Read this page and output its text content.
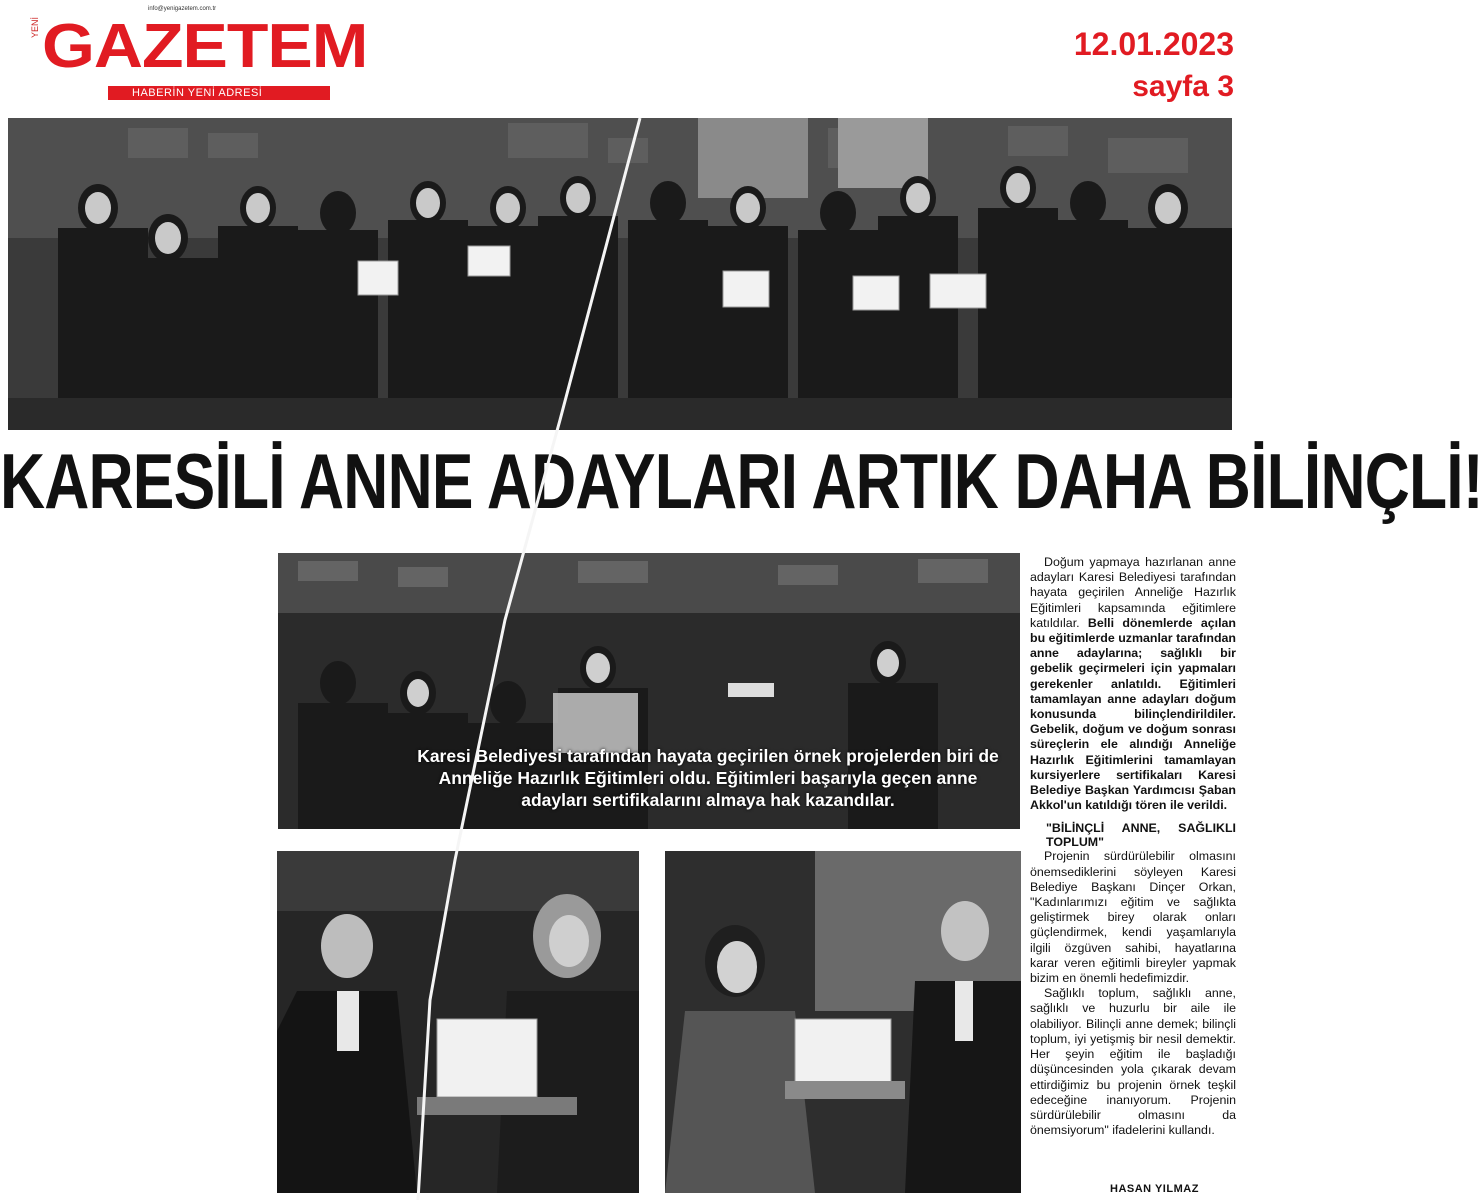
info@yenigazetem.com.tr
YENİ GAZETEM
HABERİN YENİ ADRESİ
12.01.2023
sayfa 3
KARESİLİ ANNE ADAYLARI ARTIK DAHA BİLİNÇLİ!
Karesi Belediyesi tarafından hayata geçirilen örnek projelerden biri de Anneliğe Hazırlık Eğitimleri oldu. Eğitimleri başarıyla geçen anne adayları sertifikalarını almaya hak kazandılar.

Doğum yapmaya hazırlanan anne adayları Karesi Belediyesi tarafından hayata geçirilen Anneliğe Hazırlık Eğitimleri kapsamında eğitimlere katıldılar. Belli dönemlerde açılan bu eğitimlerde uzmanlar tarafından anne adaylarına; sağlıklı bir gebelik geçirmeleri için yapmaları gerekenler anlatıldı. Eğitimleri tamamlayan anne adayları doğum konusunda bilinçlendirildiler. Gebelik, doğum ve doğum sonrası süreçlerin ele alındığı Anneliğe Hazırlık Eğitimlerini tamamlayan kursiyerlere sertifikaları Karesi Belediye Başkan Yardımcısı Şaban Akkol'un katıldığı tören ile verildi.

"BİLİNÇLİ ANNE, SAĞLIKLI TOPLUM"

Projenin sürdürülebilir olmasını önemsediklerini söyleyen Karesi Belediye Başkanı Dinçer Orkan, "Kadınlarımızı eğitim ve sağlıkta geliştirmek birey olarak onları güçlendirmek, kendi yaşamlarıyla ilgili özgüven sahibi, hayatlarına karar veren eğitimli bireyler yapmak bizim en önemli hedefimizdir.

Sağlıklı toplum, sağlıklı anne, sağlıklı ve huzurlu bir aile ile olabiliyor. Bilinçli anne demek; bilinçli toplum, iyi yetişmiş bir nesil demektir. Her şeyin eğitim ile başladığı düşüncesinden yola çıkarak devam ettirdiğimiz bu projenin örnek teşkil edeceğine inanıyorum. Projenin sürdürülebilir olmasını da önemsiyorum" ifadelerini kullandı.

HASAN YILMAZ
